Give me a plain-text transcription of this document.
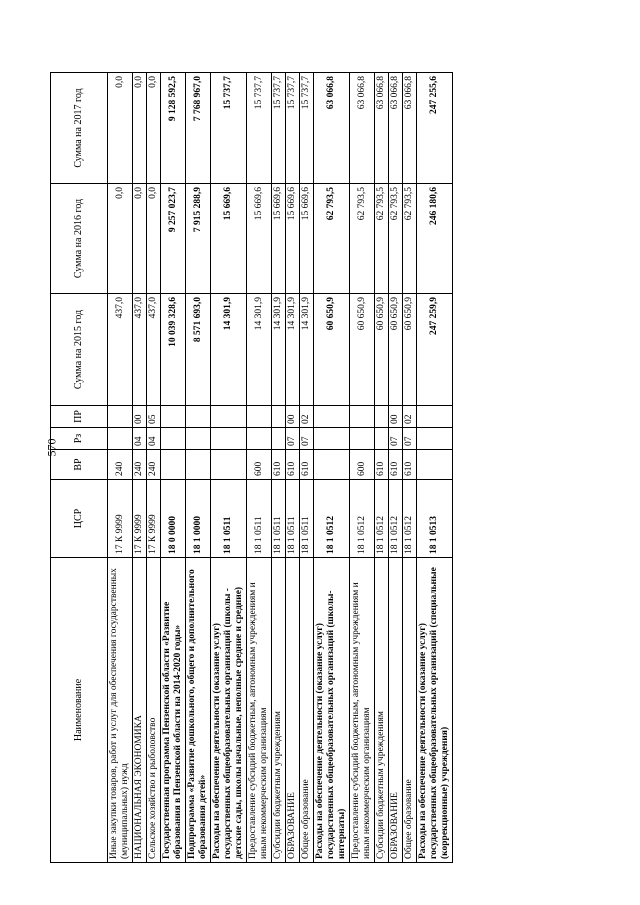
570
Наименование	ЦСР	ВР	Рз	ПР	Сумма на 2015 год	Сумма на 2016 год	Сумма на 2017 год
Иные закупки товаров, работ и услуг для обеспечения государственных (муниципальных) нужд	17 К 9999	240			437,0	0,0	0,0
НАЦИОНАЛЬНАЯ ЭКОНОМИКА	17 К 9999	240	04	00	437,0	0,0	0,0
Сельское хозяйство и рыболовство	17 К 9999	240	04	05	437,0	0,0	0,0
Государственная программа Пензенской области «Развитие образования в Пензенской области на 2014-2020 годы»	18 0 0000				10 039 328,6	9 257 023,7	9 128 592,5
Подпрограмма «Развитие дошкольного, общего и дополнительного образования детей»	18 1 0000				8 571 693,0	7 915 288,9	7 768 967,0
Расходы на обеспечение деятельности (оказание услуг) государственных общеобразовательных организаций (школы - детские сады, школы начальные, неполные средние и средние)	18 1 0511				14 301,9	15 669,6	15 737,7
Предоставление субсидий бюджетным, автономным учреждениям и иным некоммерческим организациям	18 1 0511	600			14 301,9	15 669,6	15 737,7
Субсидии бюджетным учреждениям	18 1 0511	610			14 301,9	15 669,6	15 737,7
ОБРАЗОВАНИЕ	18 1 0511	610	07	00	14 301,9	15 669,6	15 737,7
Общее образование	18 1 0511	610	07	02	14 301,9	15 669,6	15 737,7
Расходы на обеспечение деятельности (оказание услуг) государственных общеобразовательных организаций (школы-интернаты)	18 1 0512				60 650,9	62 793,5	63 066,8
Предоставление субсидий бюджетным, автономным учреждениям и иным некоммерческим организациям	18 1 0512	600			60 650,9	62 793,5	63 066,8
Субсидии бюджетным учреждениям	18 1 0512	610			60 650,9	62 793,5	63 066,8
ОБРАЗОВАНИЕ	18 1 0512	610	07	00	60 650,9	62 793,5	63 066,8
Общее образование	18 1 0512	610	07	02	60 650,9	62 793,5	63 066,8
Расходы на обеспечение деятельности (оказание услуг) государственных общеобразовательных организаций (специальные (коррекционные) учреждения)	18 1 0513				247 259,9	246 180,6	247 255,6
